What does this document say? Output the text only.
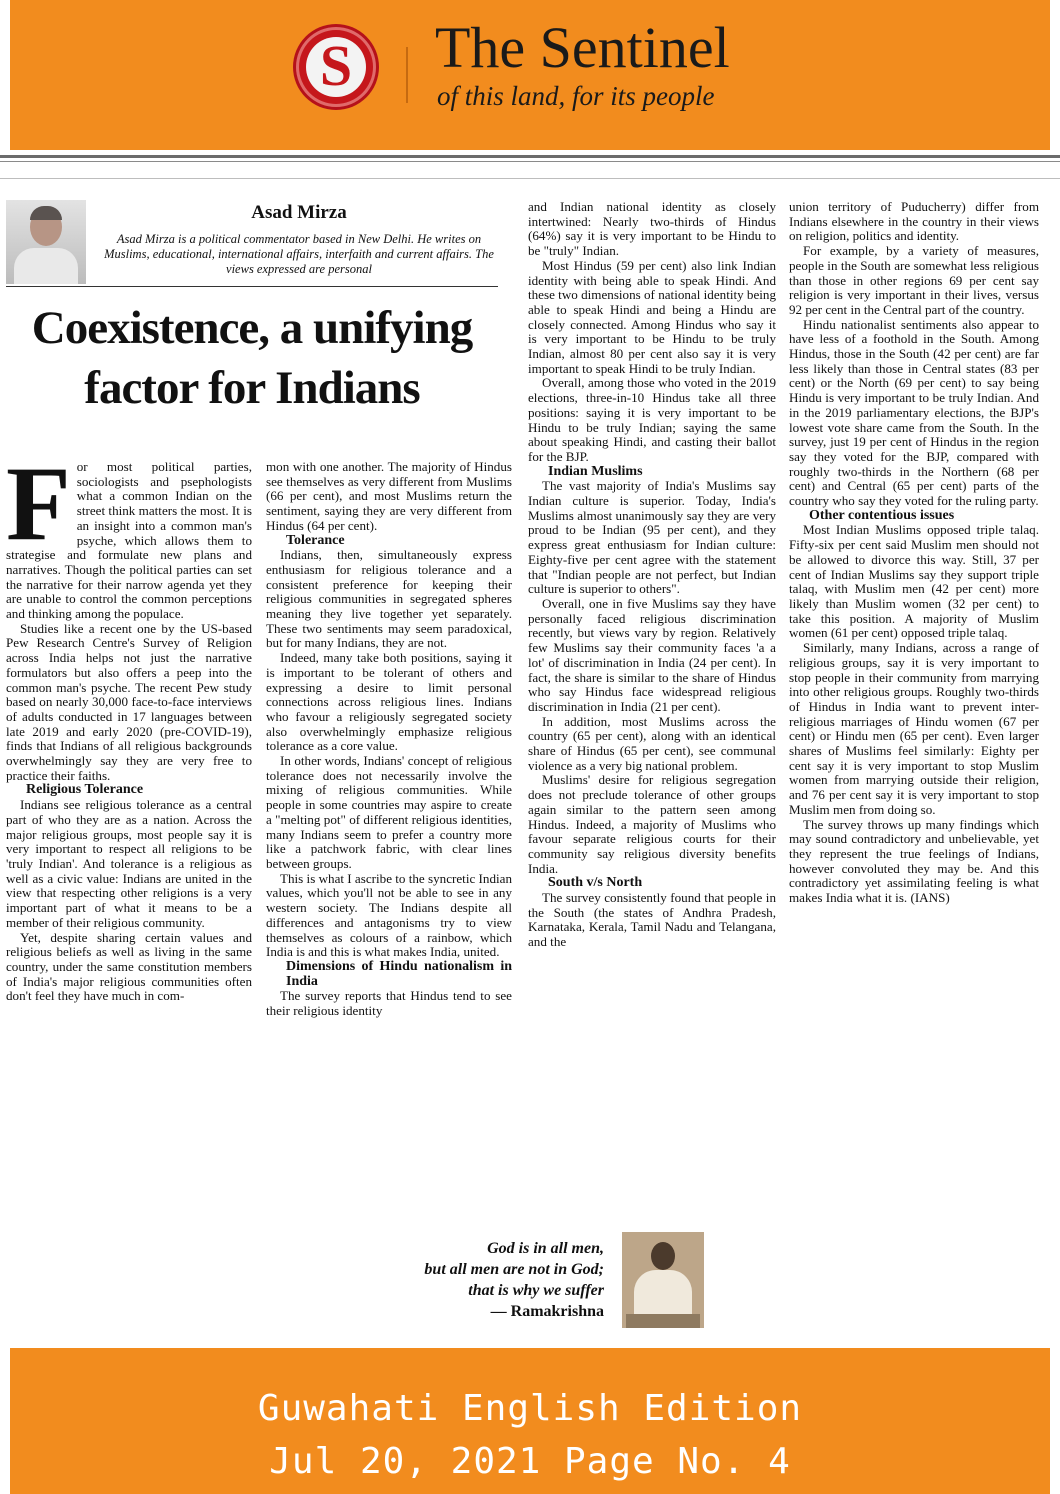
S	The Sentinel
of this land, for its people
Asad Mirza
Asad Mirza is a political commentator based in New Delhi. He writes on Muslims, educational, international affairs, interfaith and current affairs. The views expressed are personal
Coexistence, a unifying
factor for Indians
F or most political parties, sociologists and psephologists what a common Indian on the street think matters the most. It is an insight into a common man's psyche, which allows them to strategise and formulate new plans and narratives. Though the political parties can set the narrative for their narrow agenda yet they are unable to control the common perceptions and thinking among the populace.

Studies like a recent one by the US-based Pew Research Centre's Survey of Religion across India helps not just the narrative formulators but also offers a peep into the common man's psyche. The recent Pew study based on nearly 30,000 face-to-face interviews of adults conducted in 17 languages between late 2019 and early 2020 (pre-COVID-19), finds that Indians of all religious backgrounds overwhelmingly say they are very free to practice their faiths.

Religious Tolerance

Indians see religious tolerance as a central part of who they are as a nation. Across the major religious groups, most people say it is very important to respect all religions to be 'truly Indian'. And tolerance is a religious as well as a civic value: Indians are united in the view that respecting other religions is a very important part of what it means to be a member of their religious community.

Yet, despite sharing certain values and religious beliefs as well as living in the same country, under the same constitution members of India's major religious communities often don't feel they have much in com-

mon with one another. The majority of Hindus see themselves as very different from Muslims (66 per cent), and most Muslims return the sentiment, saying they are very different from Hindus (64 per cent).

Tolerance

Indians, then, simultaneously express enthusiasm for religious tolerance and a consistent preference for keeping their religious communities in segregated spheres meaning they live together yet separately. These two sentiments may seem paradoxical, but for many Indians, they are not.

Indeed, many take both positions, saying it is important to be tolerant of others and expressing a desire to limit personal connections across religious lines. Indians who favour a religiously segregated society also overwhelmingly emphasize religious tolerance as a core value.

In other words, Indians' concept of religious tolerance does not necessarily involve the mixing of religious communities. While people in some countries may aspire to create a "melting pot" of different religious identities, many Indians seem to prefer a country more like a patchwork fabric, with clear lines between groups.

This is what I ascribe to the syncretic Indian values, which you'll not be able to see in any western society. The Indians despite all differences and antagonisms try to view themselves as colours of a rainbow, which India is and this is what makes India, united.

Dimensions of Hindu nationalism in India

The survey reports that Hindus tend to see their religious identity

and Indian national identity as closely intertwined: Nearly two-thirds of Hindus (64%) say it is very important to be Hindu to be "truly" Indian.

Most Hindus (59 per cent) also link Indian identity with being able to speak Hindi. And these two dimensions of national identity being able to speak Hindi and being a Hindu are closely connected. Among Hindus who say it is very important to be Hindu to be truly Indian, almost 80 per cent also say it is very important to speak Hindi to be truly Indian.

Overall, among those who voted in the 2019 elections, three-in-10 Hindus take all three positions: saying it is very important to be Hindu to be truly Indian; saying the same about speaking Hindi, and casting their ballot for the BJP.

Indian Muslims

The vast majority of India's Muslims say Indian culture is superior. Today, India's Muslims almost unanimously say they are very proud to be Indian (95 per cent), and they express great enthusiasm for Indian culture: Eighty-five per cent agree with the statement that "Indian people are not perfect, but Indian culture is superior to others".

Overall, one in five Muslims say they have personally faced religious discrimination recently, but views vary by region. Relatively few Muslims say their community faces 'a a lot' of discrimination in India (24 per cent). In fact, the share is similar to the share of Hindus who say Hindus face widespread religious discrimination in India (21 per cent).

In addition, most Muslims across the country (65 per cent), along with an identical share of Hindus (65 per cent), see communal violence as a very big national problem.

Muslims' desire for religious segregation does not preclude tolerance of other groups again similar to the pattern seen among Hindus. Indeed, a majority of Muslims who favour separate religious courts for their community say religious diversity benefits India.

South v/s North

The survey consistently found that people in the South (the states of Andhra Pradesh, Karnataka, Kerala, Tamil Nadu and Telangana, and the

union territory of Puducherry) differ from Indians elsewhere in the country in their views on religion, politics and identity.

For example, by a variety of measures, people in the South are somewhat less religious than those in other regions 69 per cent say religion is very important in their lives, versus 92 per cent in the Central part of the country.

Hindu nationalist sentiments also appear to have less of a foothold in the South. Among Hindus, those in the South (42 per cent) are far less likely than those in Central states (83 per cent) or the North (69 per cent) to say being Hindu is very important to be truly Indian. And in the 2019 parliamentary elections, the BJP's lowest vote share came from the South. In the survey, just 19 per cent of Hindus in the region say they voted for the BJP, compared with roughly two-thirds in the Northern (68 per cent) and Central (65 per cent) parts of the country who say they voted for the ruling party.

Other contentious issues

Most Indian Muslims opposed triple talaq. Fifty-six per cent said Muslim men should not be allowed to divorce this way. Still, 37 per cent of Indian Muslims say they support triple talaq, with Muslim men (42 per cent) more likely than Muslim women (32 per cent) to take this position. A majority of Muslim women (61 per cent) opposed triple talaq.

Similarly, many Indians, across a range of religious groups, say it is very important to stop people in their community from marrying into other religious groups. Roughly two-thirds of Hindus in India want to prevent inter-religious marriages of Hindu women (67 per cent) or Hindu men (65 per cent). Even larger shares of Muslims feel similarly: Eighty per cent say it is very important to stop Muslim women from marrying outside their religion, and 76 per cent say it is very important to stop Muslim men from doing so.

The survey throws up many findings which may sound contradictory and unbelievable, yet they represent the true feelings of Indians, however convoluted they may be. And this contradictory yet assimilating feeling is what makes India what it is. (IANS)

God is in all men,
but all men are not in God;
that is why we suffer
— Ramakrishna
Guwahati English Edition
Jul 20, 2021 Page No. 4
